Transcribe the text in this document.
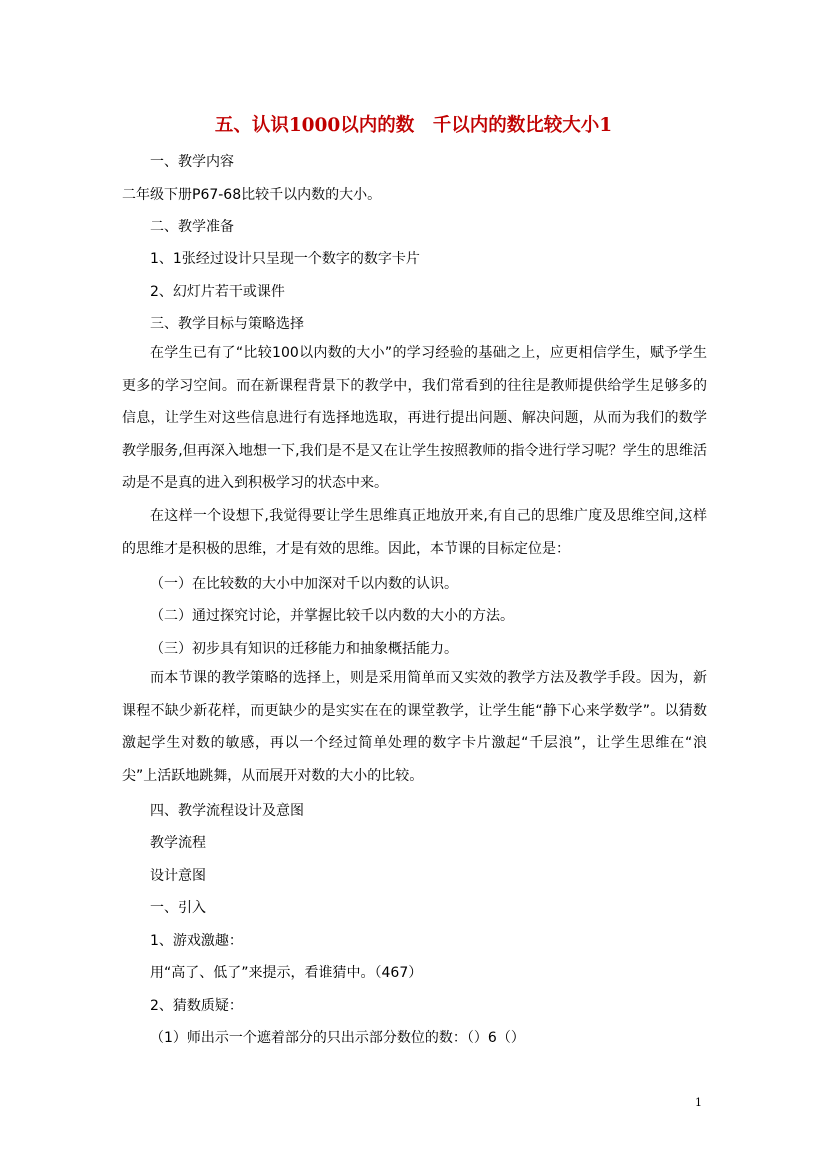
五、认识1000以内的数　千以内的数比较大小1
一、教学内容
二年级下册P67-68比较千以内数的大小。
二、教学准备
1、1张经过设计只呈现一个数字的数字卡片
2、幻灯片若干或课件
三、教学目标与策略选择
在学生已有了“比较100以内数的大小”的学习经验的基础之上，应更相信学生，赋予学生更多的学习空间。而在新课程背景下的教学中，我们常看到的往往是教师提供给学生足够多的信息，让学生对这些信息进行有选择地选取，再进行提出问题、解决问题，从而为我们的数学教学服务,但再深入地想一下,我们是不是又在让学生按照教师的指令进行学习呢？学生的思维活动是不是真的进入到积极学习的状态中来。
在这样一个设想下,我觉得要让学生思维真正地放开来,有自己的思维广度及思维空间,这样的思维才是积极的思维，才是有效的思维。因此，本节课的目标定位是：
（一）在比较数的大小中加深对千以内数的认识。
（二）通过探究讨论，并掌握比较千以内数的大小的方法。
（三）初步具有知识的迁移能力和抽象概括能力。
而本节课的教学策略的选择上，则是采用简单而又实效的教学方法及教学手段。因为，新课程不缺少新花样，而更缺少的是实实在在的课堂教学，让学生能“静下心来学数学”。以猜数激起学生对数的敏感，再以一个经过简单处理的数字卡片激起“千层浪”，让学生思维在“浪尖”上活跃地跳舞，从而展开对数的大小的比较。
四、教学流程设计及意图
教学流程
设计意图
一、引入
1、游戏激趣：
用“高了、低了”来提示，看谁猜中。（467）
2、猜数质疑：
（1）师出示一个遮着部分的只出示部分数位的数：（）6（）
1
